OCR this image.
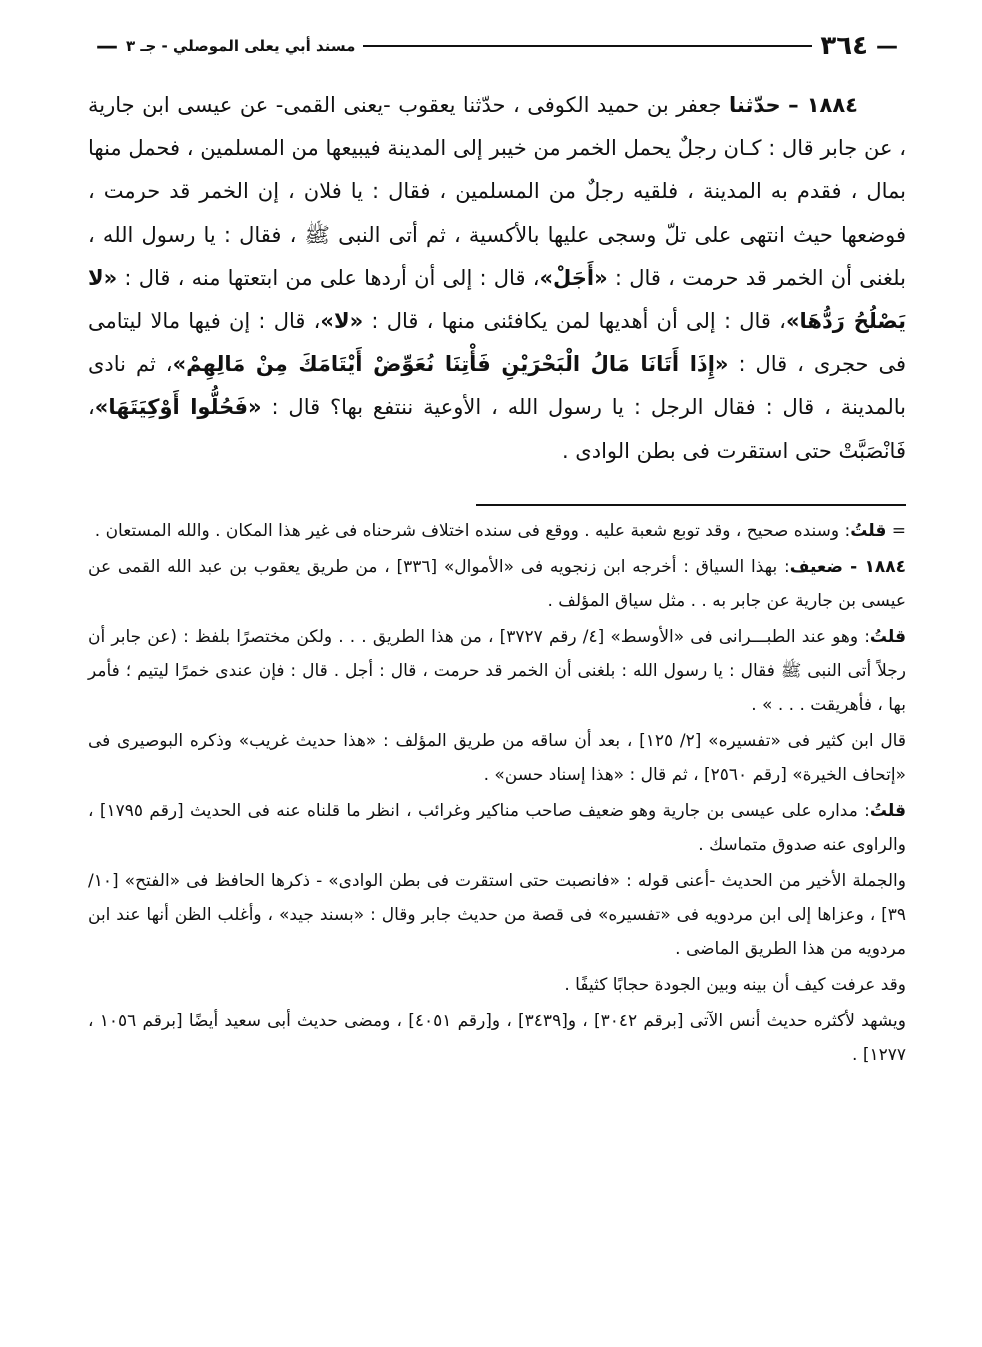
—
٣٦٤
مسند أبي يعلى الموصلي - جـ ٣
—

١٨٨٤ – حدّثنا جعفر بن حميد الكوفى ، حدّثنا يعقوب -يعنى القمى- عن عيسى ابن جارية ، عن جابر قال : كـان رجلٌ يحمل الخمر من خيبر إلى المدينة فيبيعها من المسلمين ، فحمل منها بمال ، فقدم به المدينة ، فلقيه رجلٌ من المسلمين ، فقال : يا فلان ، إن الخمر قد حرمت ، فوضعها حيث انتهى على تلّ وسجى عليها بالأكسية ، ثم أتى النبى ﷺ ، فقال : يا رسول الله ، بلغنى أن الخمر قد حرمت ، قال : «أَجَلْ»، قال : إلى أن أردها على من ابتعتها منه ، قال : «لا يَصْلُحُ رَدُّهَا»، قال : إلى أن أهديها لمن يكافئنى منها ، قال : «لا»، قال : إن فيها مالا ليتامى فى حجرى ، قال : «إِذَا أَتَانَا مَالُ الْبَحْرَيْنِ فَأْتِنَا نُعَوِّضْ أَيْتَامَكَ مِنْ مَالِهِمْ»، ثم نادى بالمدينة ، قال : فقال الرجل : يا رسول الله ، الأوعية ننتفع بها؟ قال : «فَحُلُّوا أَوْكِيَتَهَا»، فَانْصَبَّتْ حتى استقرت فى بطن الوادى .

= قلتُ: وسنده صحيح ، وقد توبع شعبة عليه . ووقع فى سنده اختلاف شرحناه فى غير هذا المكان . والله المستعان .

١٨٨٤ - ضعيف: بهذا السياق : أخرجه ابن زنجويه فى «الأموال» [٣٣٦] ، من طريق يعقوب بن عبد الله القمى عن عيسى بن جارية عن جابر به . . مثل سياق المؤلف .

قلتُ: وهو عند الطبـــرانى فى «الأوسط» [٤/ رقم ٣٧٢٧] ، من هذا الطريق . . . ولكن مختصرًا بلفظ : (عن جابر أن رجلاً أتى النبى ﷺ فقال : يا رسول الله : بلغنى أن الخمر قد حرمت ، قال : أجل . قال : فإن عندى خمرًا ليتيم ؛ فأمر بها ، فأهريقت . . . » .

قال ابن كثير فى «تفسيره» [٢/ ١٢٥] ، بعد أن ساقه من طريق المؤلف : «هذا حديث غريب» وذكره البوصيرى فى «إتحاف الخيرة» [رقم ٢٥٦٠] ، ثم قال : «هذا إسناد حسن» .

قلتُ: مداره على عيسى بن جارية وهو ضعيف صاحب مناكير وغرائب ، انظر ما قلناه عنه فى الحديث [رقم ١٧٩٥] ، والراوى عنه صدوق متماسك .

والجملة الأخير من الحديث -أعنى قوله : «فانصبت حتى استقرت فى بطن الوادى» - ذكرها الحافظ فى «الفتح» [١٠/ ٣٩] ، وعزاها إلى ابن مردويه فى «تفسيره» فى قصة من حديث جابر وقال : «بسند جيد» ، وأغلب الظن أنها عند ابن مردويه من هذا الطريق الماضى .

وقد عرفت كيف أن بينه وبين الجودة حجابًا كثيفًا .

ويشهد لأكثره حديث أنس الآتى [برقم ٣٠٤٢] ، و[٣٤٣٩] ، و[رقم ٤٠٥١] ، ومضى حديث أبى سعيد أيضًا [برقم ١٠٥٦ ، ١٢٧٧] .
